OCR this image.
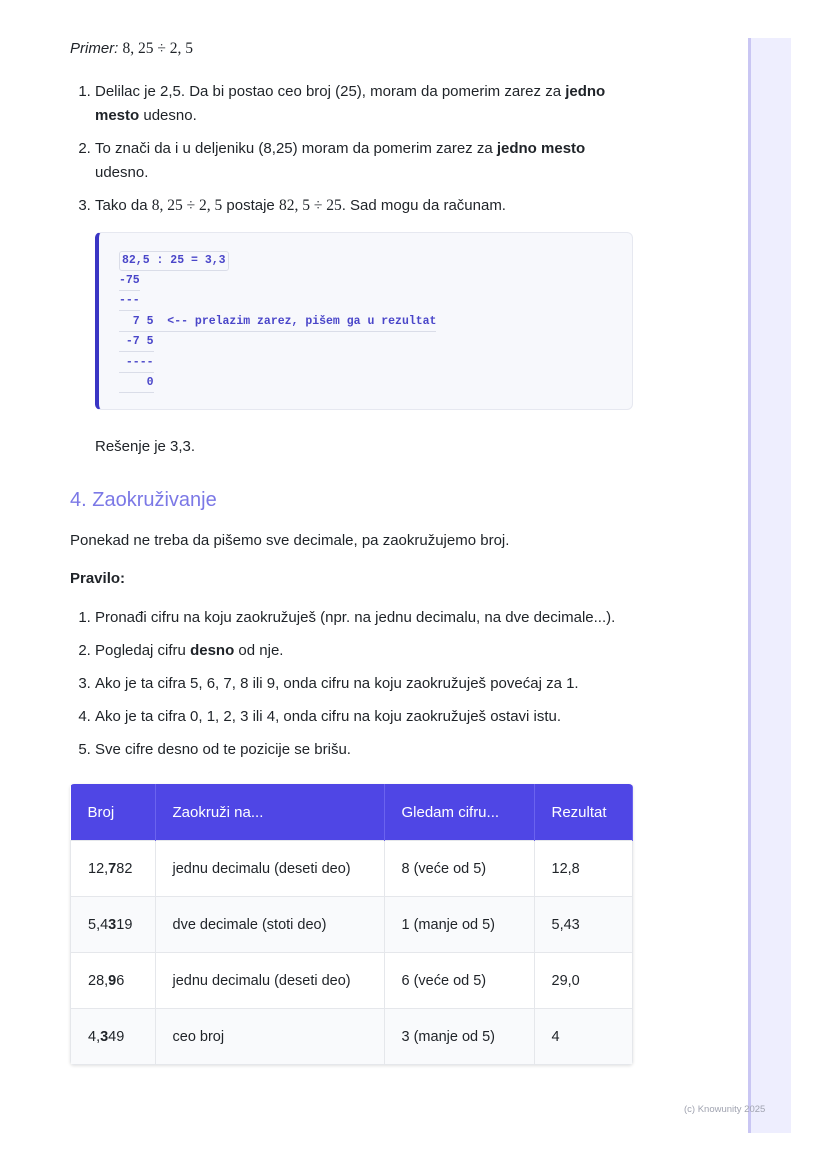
Primer: 8, 25 ÷ 2, 5

1. Delilac je 2,5. Da bi postao ceo broj (25), moram da pomerim zarez za jedno mesto udesno.
2. To znači da i u deljeniku (8,25) moram da pomerim zarez za jedno mesto udesno.
3. Tako da 8, 25 ÷ 2, 5 postaje 82, 5 ÷ 25. Sad mogu da računam.
82,5 : 25 = 3,3
-75
---
7 5  <-- prelazim zarez, pišem ga u rezultat
-7 5
----
0

Rešenje je 3,3.

4. Zaokruživanje

Ponekad ne treba da pišemo sve decimale, pa zaokružujemo broj.

Pravilo:

1. Pronađi cifru na koju zaokružuješ (npr. na jednu decimalu, na dve decimale...).
2. Pogledaj cifru desno od nje.
3. Ako je ta cifra 5, 6, 7, 8 ili 9, onda cifru na koju zaokružuješ povećaj za 1.
4. Ako je ta cifra 0, 1, 2, 3 ili 4, onda cifru na koju zaokružuješ ostavi istu.
5. Sve cifre desno od te pozicije se brišu.
Broj	Zaokruži na...	Gledam cifru...	Rezultat
12,782	jednu decimalu (deseti deo)	8 (veće od 5)	12,8
5,4319	dve decimale (stoti deo)	1 (manje od 5)	5,43
28,96	jednu decimalu (deseti deo)	6 (veće od 5)	29,0
4,349	ceo broj	3 (manje od 5)	4
(c) Knowunity 2025
